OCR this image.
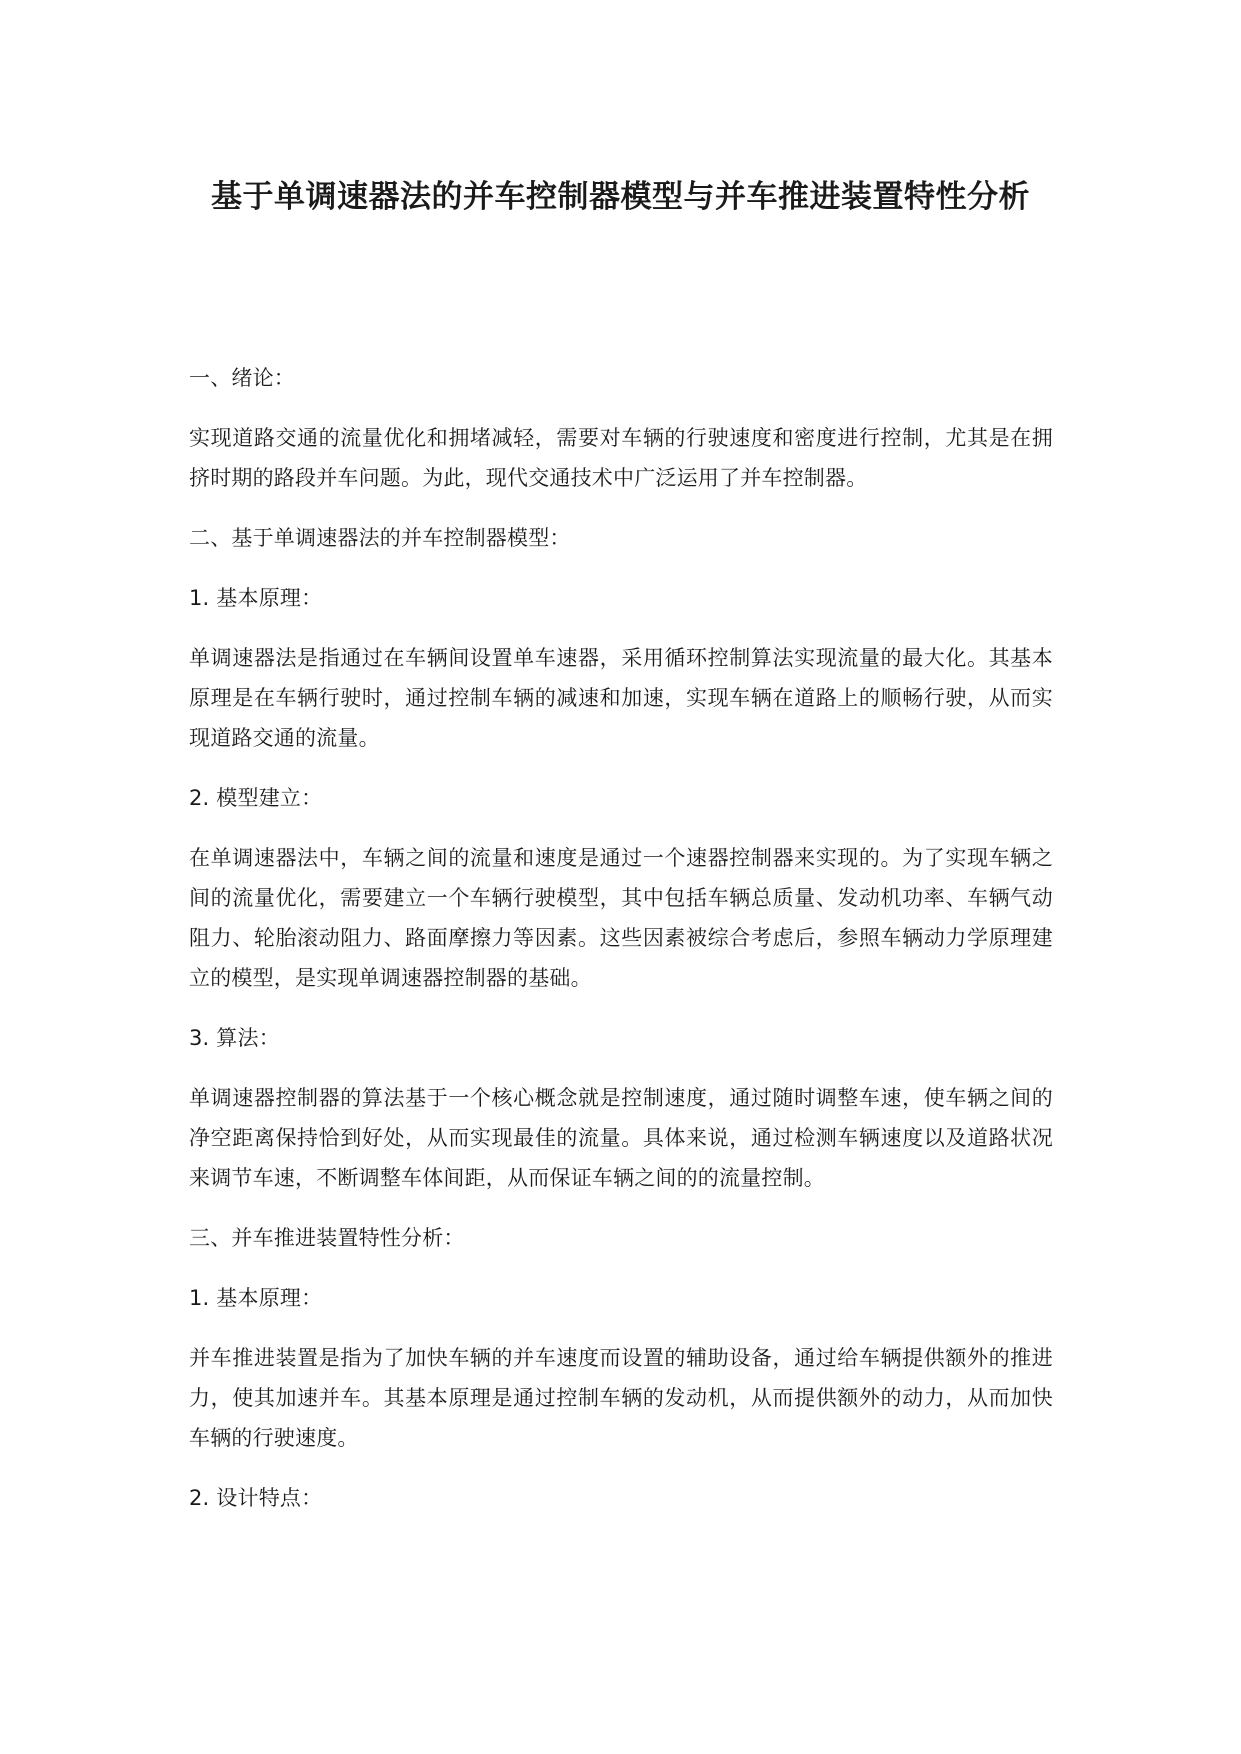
基于单调速器法的并车控制器模型与并车推进装置特性分析

一、绪论：

实现道路交通的流量优化和拥堵减轻，需要对车辆的行驶速度和密度进行控制，尤其是在拥挤时期的路段并车问题。为此，现代交通技术中广泛运用了并车控制器。

二、基于单调速器法的并车控制器模型：

1. 基本原理：

单调速器法是指通过在车辆间设置单车速器，采用循环控制算法实现流量的最大化。其基本原理是在车辆行驶时，通过控制车辆的减速和加速，实现车辆在道路上的顺畅行驶，从而实现道路交通的流量。

2. 模型建立：

在单调速器法中，车辆之间的流量和速度是通过一个速器控制器来实现的。为了实现车辆之间的流量优化，需要建立一个车辆行驶模型，其中包括车辆总质量、发动机功率、车辆气动阻力、轮胎滚动阻力、路面摩擦力等因素。这些因素被综合考虑后，参照车辆动力学原理建立的模型，是实现单调速器控制器的基础。

3. 算法：

单调速器控制器的算法基于一个核心概念就是控制速度，通过随时调整车速，使车辆之间的净空距离保持恰到好处，从而实现最佳的流量。具体来说，通过检测车辆速度以及道路状况来调节车速，不断调整车体间距，从而保证车辆之间的的流量控制。

三、并车推进装置特性分析：

1. 基本原理：

并车推进装置是指为了加快车辆的并车速度而设置的辅助设备，通过给车辆提供额外的推进力，使其加速并车。其基本原理是通过控制车辆的发动机，从而提供额外的动力，从而加快车辆的行驶速度。

2. 设计特点：
